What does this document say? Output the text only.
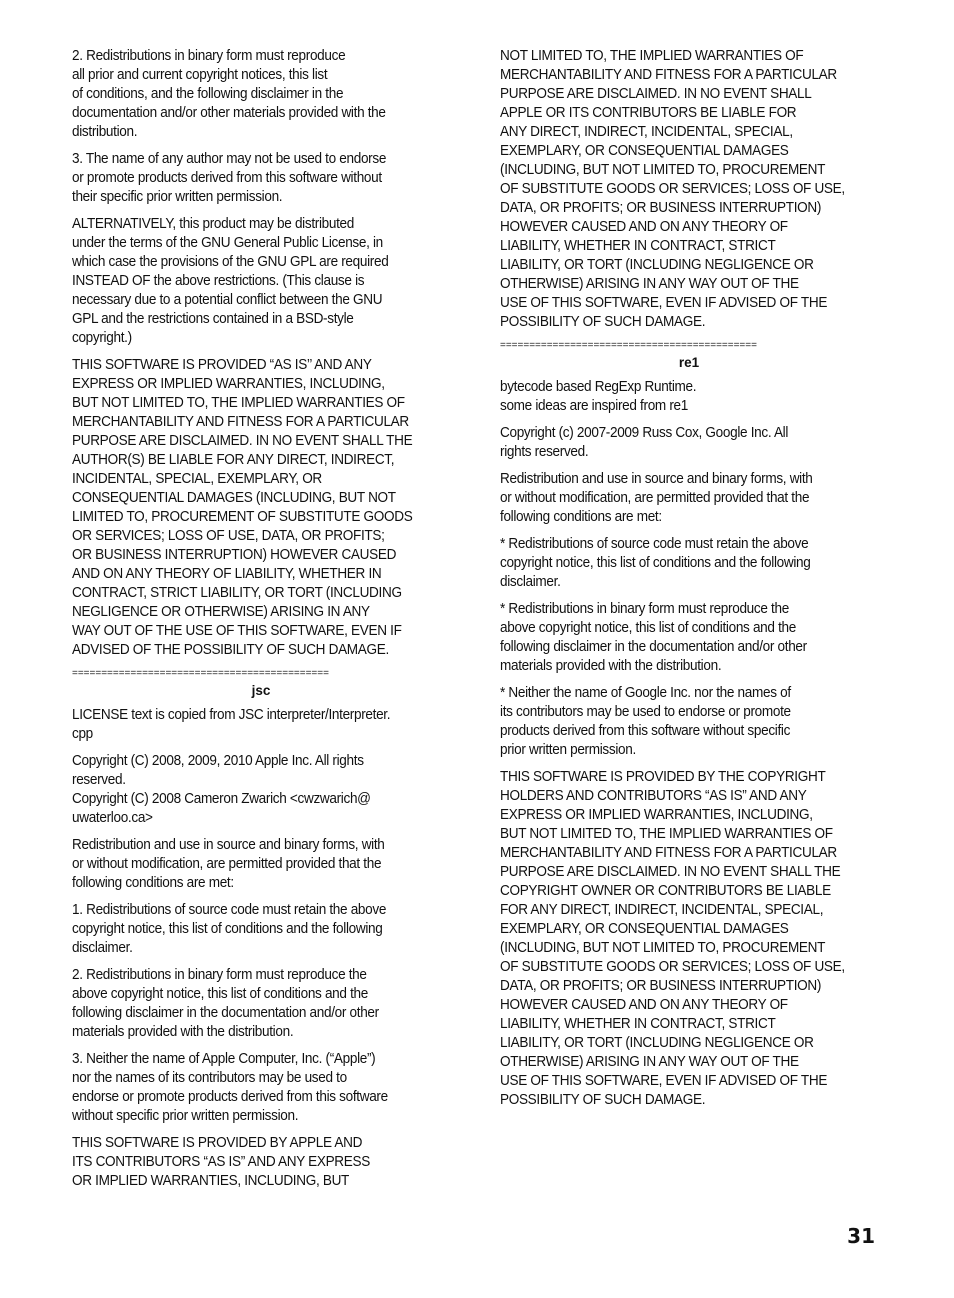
2. Redistributions in binary form must reproduce
all prior and current copyright notices, this list
of conditions, and the following disclaimer in the
documentation and/or other materials provided with the
distribution.

3. The name of any author may not be used to endorse
or promote products derived from this software without
their specific prior written permission.

ALTERNATIVELY, this product may be distributed
under the terms of the GNU General Public License, in
which case the provisions of the GNU GPL are required
INSTEAD OF the above restrictions. (This clause is
necessary due to a potential conflict between the GNU
GPL and the restrictions contained in a BSD-style
copyright.)

THIS SOFTWARE IS PROVIDED “AS IS’’ AND ANY
EXPRESS OR IMPLIED WARRANTIES, INCLUDING,
BUT NOT LIMITED TO, THE IMPLIED WARRANTIES OF
MERCHANTABILITY AND FITNESS FOR A PARTICULAR
PURPOSE ARE DISCLAIMED. IN NO EVENT SHALL THE
AUTHOR(S) BE LIABLE FOR ANY DIRECT, INDIRECT,
INCIDENTAL, SPECIAL, EXEMPLARY, OR
CONSEQUENTIAL DAMAGES (INCLUDING, BUT NOT
LIMITED TO, PROCUREMENT OF SUBSTITUTE GOODS
OR SERVICES; LOSS OF USE, DATA, OR PROFITS;
OR BUSINESS INTERRUPTION) HOWEVER CAUSED
AND ON ANY THEORY OF LIABILITY, WHETHER IN
CONTRACT, STRICT LIABILITY, OR TORT (INCLUDING
NEGLIGENCE OR OTHERWISE) ARISING IN ANY
WAY OUT OF THE USE OF THIS SOFTWARE, EVEN IF
ADVISED OF THE POSSIBILITY OF SUCH DAMAGE.

============================================
jsc

LICENSE text is copied from JSC interpreter/Interpreter.
cpp

Copyright (C) 2008, 2009, 2010 Apple Inc. All rights
reserved.
Copyright (C) 2008 Cameron Zwarich <cwzwarich@
uwaterloo.ca>

Redistribution and use in source and binary forms, with
or without modification, are permitted provided that the
following conditions are met:

1. Redistributions of source code must retain the above
copyright notice, this list of conditions and the following
disclaimer.

2. Redistributions in binary form must reproduce the
above copyright notice, this list of conditions and the
following disclaimer in the documentation and/or other
materials provided with the distribution.

3. Neither the name of Apple Computer, Inc. (“Apple”)
nor the names of its contributors may be used to
endorse or promote products derived from this software
without specific prior written permission.

THIS SOFTWARE IS PROVIDED BY APPLE AND
ITS CONTRIBUTORS “AS IS” AND ANY EXPRESS
OR IMPLIED WARRANTIES, INCLUDING, BUT

NOT LIMITED TO, THE IMPLIED WARRANTIES OF
MERCHANTABILITY AND FITNESS FOR A PARTICULAR
PURPOSE ARE DISCLAIMED. IN NO EVENT SHALL
APPLE OR ITS CONTRIBUTORS BE LIABLE FOR
ANY DIRECT, INDIRECT, INCIDENTAL, SPECIAL,
EXEMPLARY, OR CONSEQUENTIAL DAMAGES
(INCLUDING, BUT NOT LIMITED TO, PROCUREMENT
OF SUBSTITUTE GOODS OR SERVICES; LOSS OF USE,
DATA, OR PROFITS; OR BUSINESS INTERRUPTION)
HOWEVER CAUSED AND ON ANY THEORY OF
LIABILITY, WHETHER IN CONTRACT, STRICT
LIABILITY, OR TORT (INCLUDING NEGLIGENCE OR
OTHERWISE) ARISING IN ANY WAY OUT OF THE
USE OF THIS SOFTWARE, EVEN IF ADVISED OF THE
POSSIBILITY OF SUCH DAMAGE.

============================================
re1

bytecode based RegExp Runtime.
some ideas are inspired from re1

Copyright (c) 2007-2009 Russ Cox, Google Inc. All
rights reserved.

Redistribution and use in source and binary forms, with
or without modification, are permitted provided that the
following conditions are met:

* Redistributions of source code must retain the above
copyright notice, this list of conditions and the following
disclaimer.

* Redistributions in binary form must reproduce the
above copyright notice, this list of conditions and the
following disclaimer in the documentation and/or other
materials provided with the distribution.

* Neither the name of Google Inc. nor the names of
its contributors may be used to endorse or promote
products derived from this software without specific
prior written permission.

THIS SOFTWARE IS PROVIDED BY THE COPYRIGHT
HOLDERS AND CONTRIBUTORS “AS IS” AND ANY
EXPRESS OR IMPLIED WARRANTIES, INCLUDING,
BUT NOT LIMITED TO, THE IMPLIED WARRANTIES OF
MERCHANTABILITY AND FITNESS FOR A PARTICULAR
PURPOSE ARE DISCLAIMED. IN NO EVENT SHALL THE
COPYRIGHT OWNER OR CONTRIBUTORS BE LIABLE
FOR ANY DIRECT, INDIRECT, INCIDENTAL, SPECIAL,
EXEMPLARY, OR CONSEQUENTIAL DAMAGES
(INCLUDING, BUT NOT LIMITED TO, PROCUREMENT
OF SUBSTITUTE GOODS OR SERVICES; LOSS OF USE,
DATA, OR PROFITS; OR BUSINESS INTERRUPTION)
HOWEVER CAUSED AND ON ANY THEORY OF
LIABILITY, WHETHER IN CONTRACT, STRICT
LIABILITY, OR TORT (INCLUDING NEGLIGENCE OR
OTHERWISE) ARISING IN ANY WAY OUT OF THE
USE OF THIS SOFTWARE, EVEN IF ADVISED OF THE
POSSIBILITY OF SUCH DAMAGE.

31
